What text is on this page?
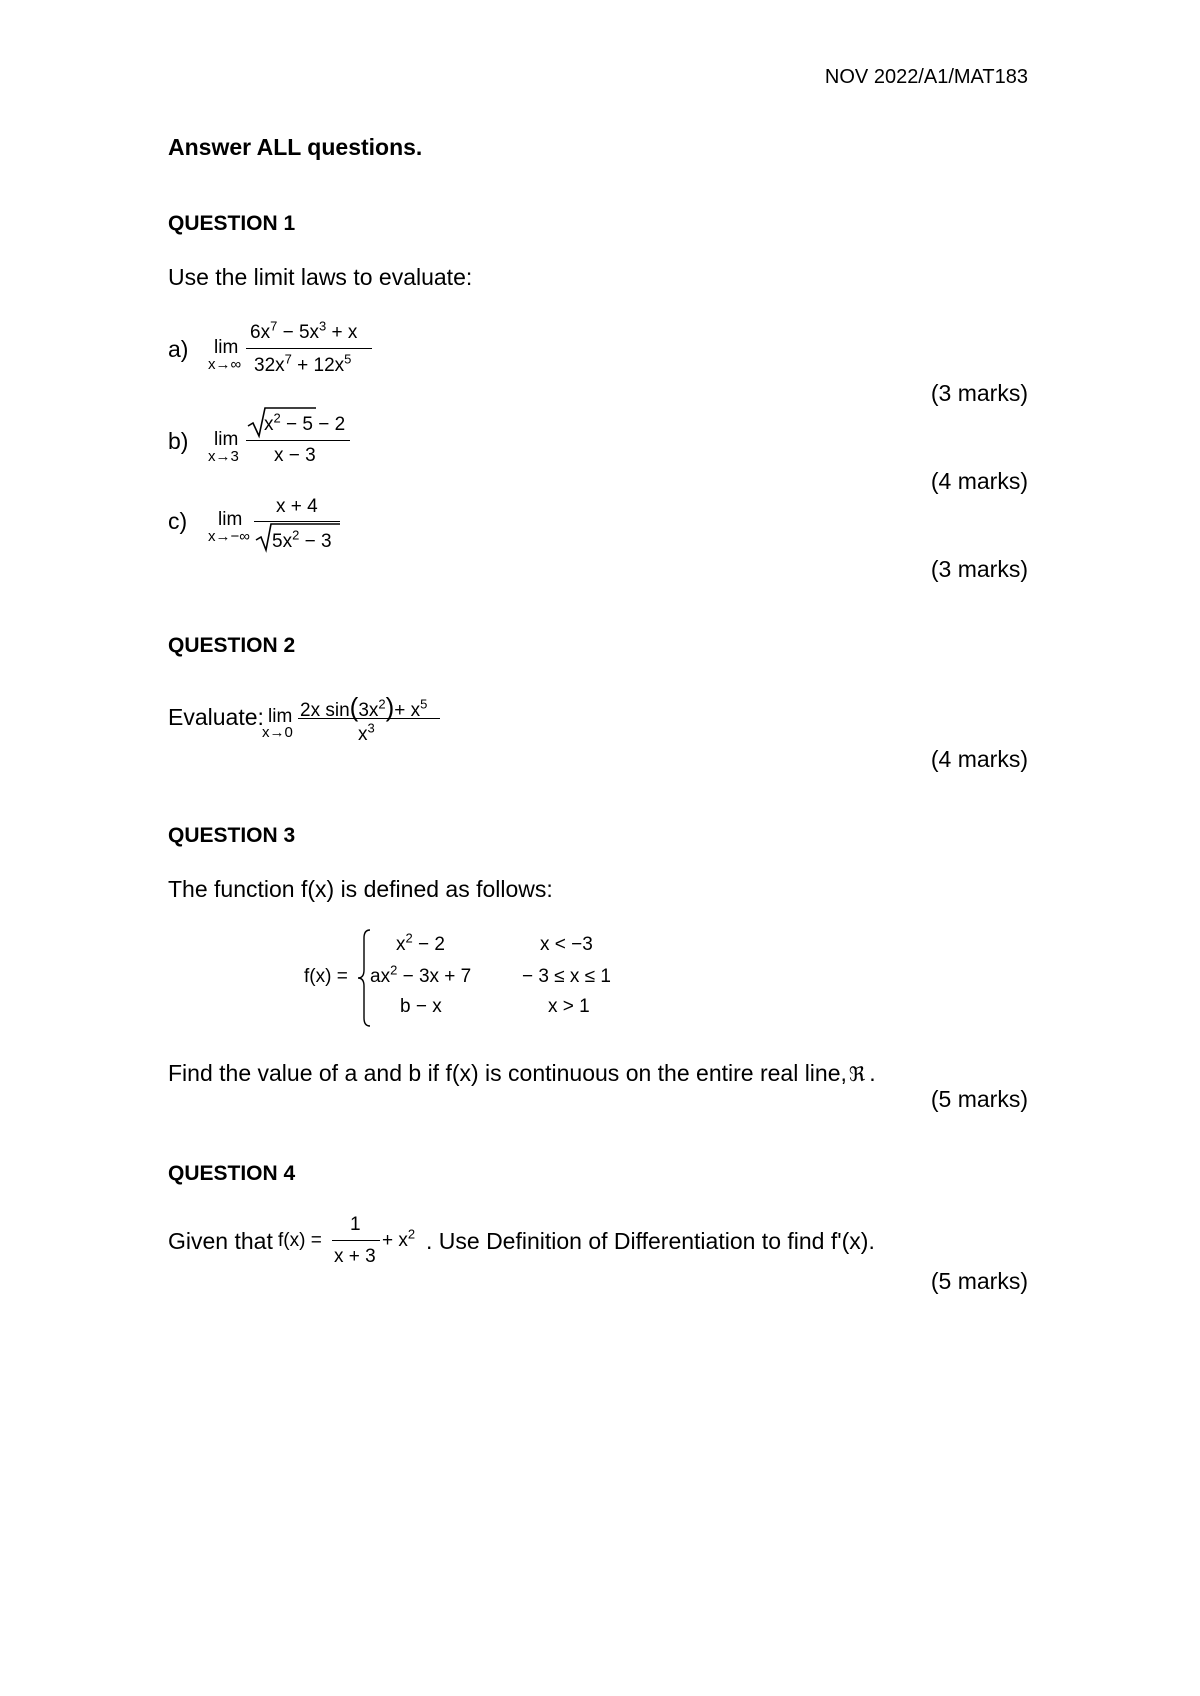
NOV 2022/A1/MAT183
Answer ALL questions.
QUESTION 1
Use the limit laws to evaluate:
a) lim
x→∞
$6x^7 - 5x^3 + x$
$32x^7 + 12x^5$
(3 marks)
b) lim
x→3
$x^2 - 5 - 2$
x − 3
(4 marks)
c) lim
x→−∞
x + 4
$5x^2 - 3$
(3 marks)
QUESTION 2
Evaluate: lim
x→0
2x $\sin(3x^2)+ x^5$
$x^3$
(4 marks)
QUESTION 3
The function f(x) is defined as follows:
f(x) =
$x^2 - 2$	x < −3
$ax^2 - 3x + 7$	− 3 ≤ x ≤ 1
b − x	x > 1
Find the value of a and b if f(x) is continuous on the entire real line, ℜ .
(5 marks)
QUESTION 4
Given that f(x) =
1
x + 3
+ $x^2$ . Use Definition of Differentiation to find f'(x).
(5 marks)
